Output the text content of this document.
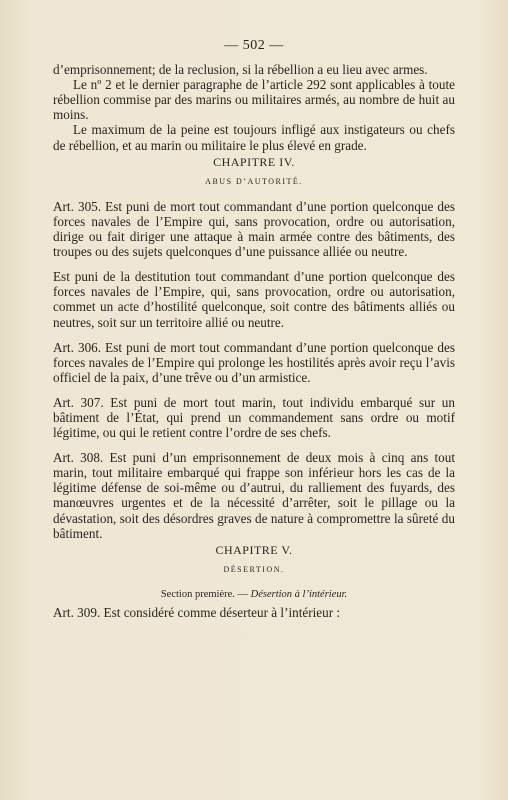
— 502 —

d’emprisonnement; de la reclusion, si la rébellion a eu lieu avec armes.

Le nº 2 et le dernier paragraphe de l’article 292 sont applicables à toute rébellion commise par des marins ou militaires armés, au nombre de huit au moins.

Le maximum de la peine est toujours infligé aux instigateurs ou chefs de rébellion, et au marin ou militaire le plus élevé en grade.

CHAPITRE IV.
ABUS D’AUTORITÉ.

Art. 305. Est puni de mort tout commandant d’une portion quelconque des forces navales de l’Empire qui, sans provocation, ordre ou autorisation, dirige ou fait diriger une attaque à main armée contre des bâtiments, des troupes ou des sujets quelconques d’une puissance alliée ou neutre.

Est puni de la destitution tout commandant d’une portion quelconque des forces navales de l’Empire, qui, sans provocation, ordre ou autorisation, commet un acte d’hostilité quelconque, soit contre des bâtiments alliés ou neutres, soit sur un territoire allié ou neutre.

Art. 306. Est puni de mort tout commandant d’une portion quelconque des forces navales de l’Empire qui prolonge les hostilités après avoir reçu l’avis officiel de la paix, d’une trêve ou d’un armistice.

Art. 307. Est puni de mort tout marin, tout individu embarqué sur un bâtiment de l’État, qui prend un commandement sans ordre ou motif légitime, ou qui le retient contre l’ordre de ses chefs.

Art. 308. Est puni d’un emprisonnement de deux mois à cinq ans tout marin, tout militaire embarqué qui frappe son inférieur hors les cas de la légitime défense de soi-même ou d’autrui, du ralliement des fuyards, des manœuvres urgentes et de la nécessité d’arrêter, soit le pillage ou la dévastation, soit des désordres graves de nature à compromettre la sûreté du bâtiment.

CHAPITRE V.
DÉSERTION.
Section première. — Désertion à l’intérieur.

Art. 309. Est considéré comme déserteur à l’intérieur :
